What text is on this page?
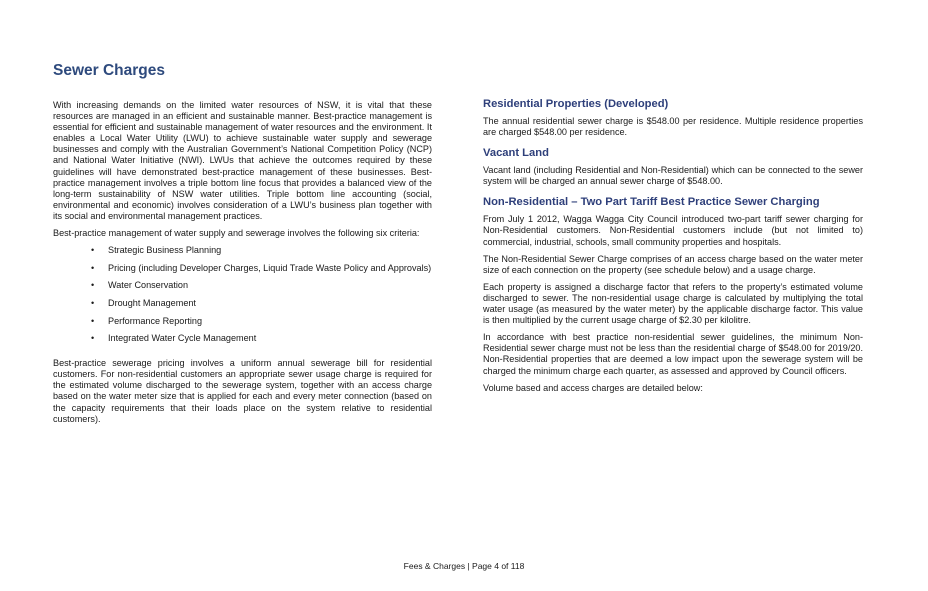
Sewer Charges

With increasing demands on the limited water resources of NSW, it is vital that these resources are managed in an efficient and sustainable manner. Best-practice management is essential for efficient and sustainable management of water resources and the environment. It enables a Local Water Utility (LWU) to achieve sustainable water supply and sewerage businesses and comply with the Australian Government’s National Competition Policy (NCP) and National Water Initiative (NWI). LWUs that achieve the outcomes required by these guidelines will have demonstrated best-practice management of these businesses. Best-practice management involves a triple bottom line focus that provides a balanced view of the long-term sustainability of NSW water utilities. Triple bottom line accounting (social, environmental and economic) involves consideration of a LWU’s business plan together with its social and environmental management practices.

Best-practice management of water supply and sewerage involves the following six criteria:

• Strategic Business Planning
• Pricing (including Developer Charges, Liquid Trade Waste Policy and Approvals)
• Water Conservation
• Drought Management
• Performance Reporting
• Integrated Water Cycle Management

Best-practice sewerage pricing involves a uniform annual sewerage bill for residential customers. For non-residential customers an appropriate sewer usage charge is required for the estimated volume discharged to the sewerage system, together with an access charge based on the water meter size that is applied for each and every meter connection (based on the capacity requirements that their loads place on the system relative to residential customers).

Residential Properties (Developed)

The annual residential sewer charge is $548.00 per residence. Multiple residence properties are charged $548.00 per residence.

Vacant Land

Vacant land (including Residential and Non-Residential) which can be connected to the sewer system will be charged an annual sewer charge of $548.00.

Non-Residential – Two Part Tariff Best Practice Sewer Charging

From July 1 2012, Wagga Wagga City Council introduced two-part tariff sewer charging for Non-Residential customers. Non-Residential customers include (but not limited to) commercial, industrial, schools, small community properties and hospitals.

The Non-Residential Sewer Charge comprises of an access charge based on the water meter size of each connection on the property (see schedule below) and a usage charge.

Each property is assigned a discharge factor that refers to the property’s estimated volume discharged to sewer. The non-residential usage charge is calculated by multiplying the total water usage (as measured by the water meter) by the applicable discharge factor. This value is then multiplied by the current usage charge of $2.30 per kilolitre.

In accordance with best practice non-residential sewer guidelines, the minimum Non-Residential sewer charge must not be less than the residential charge of $548.00 for 2019/20. Non-Residential properties that are deemed a low impact upon the sewerage system will be charged the minimum charge each quarter, as assessed and approved by Council officers.

Volume based and access charges are detailed below:

Fees & Charges | Page 4 of 118
